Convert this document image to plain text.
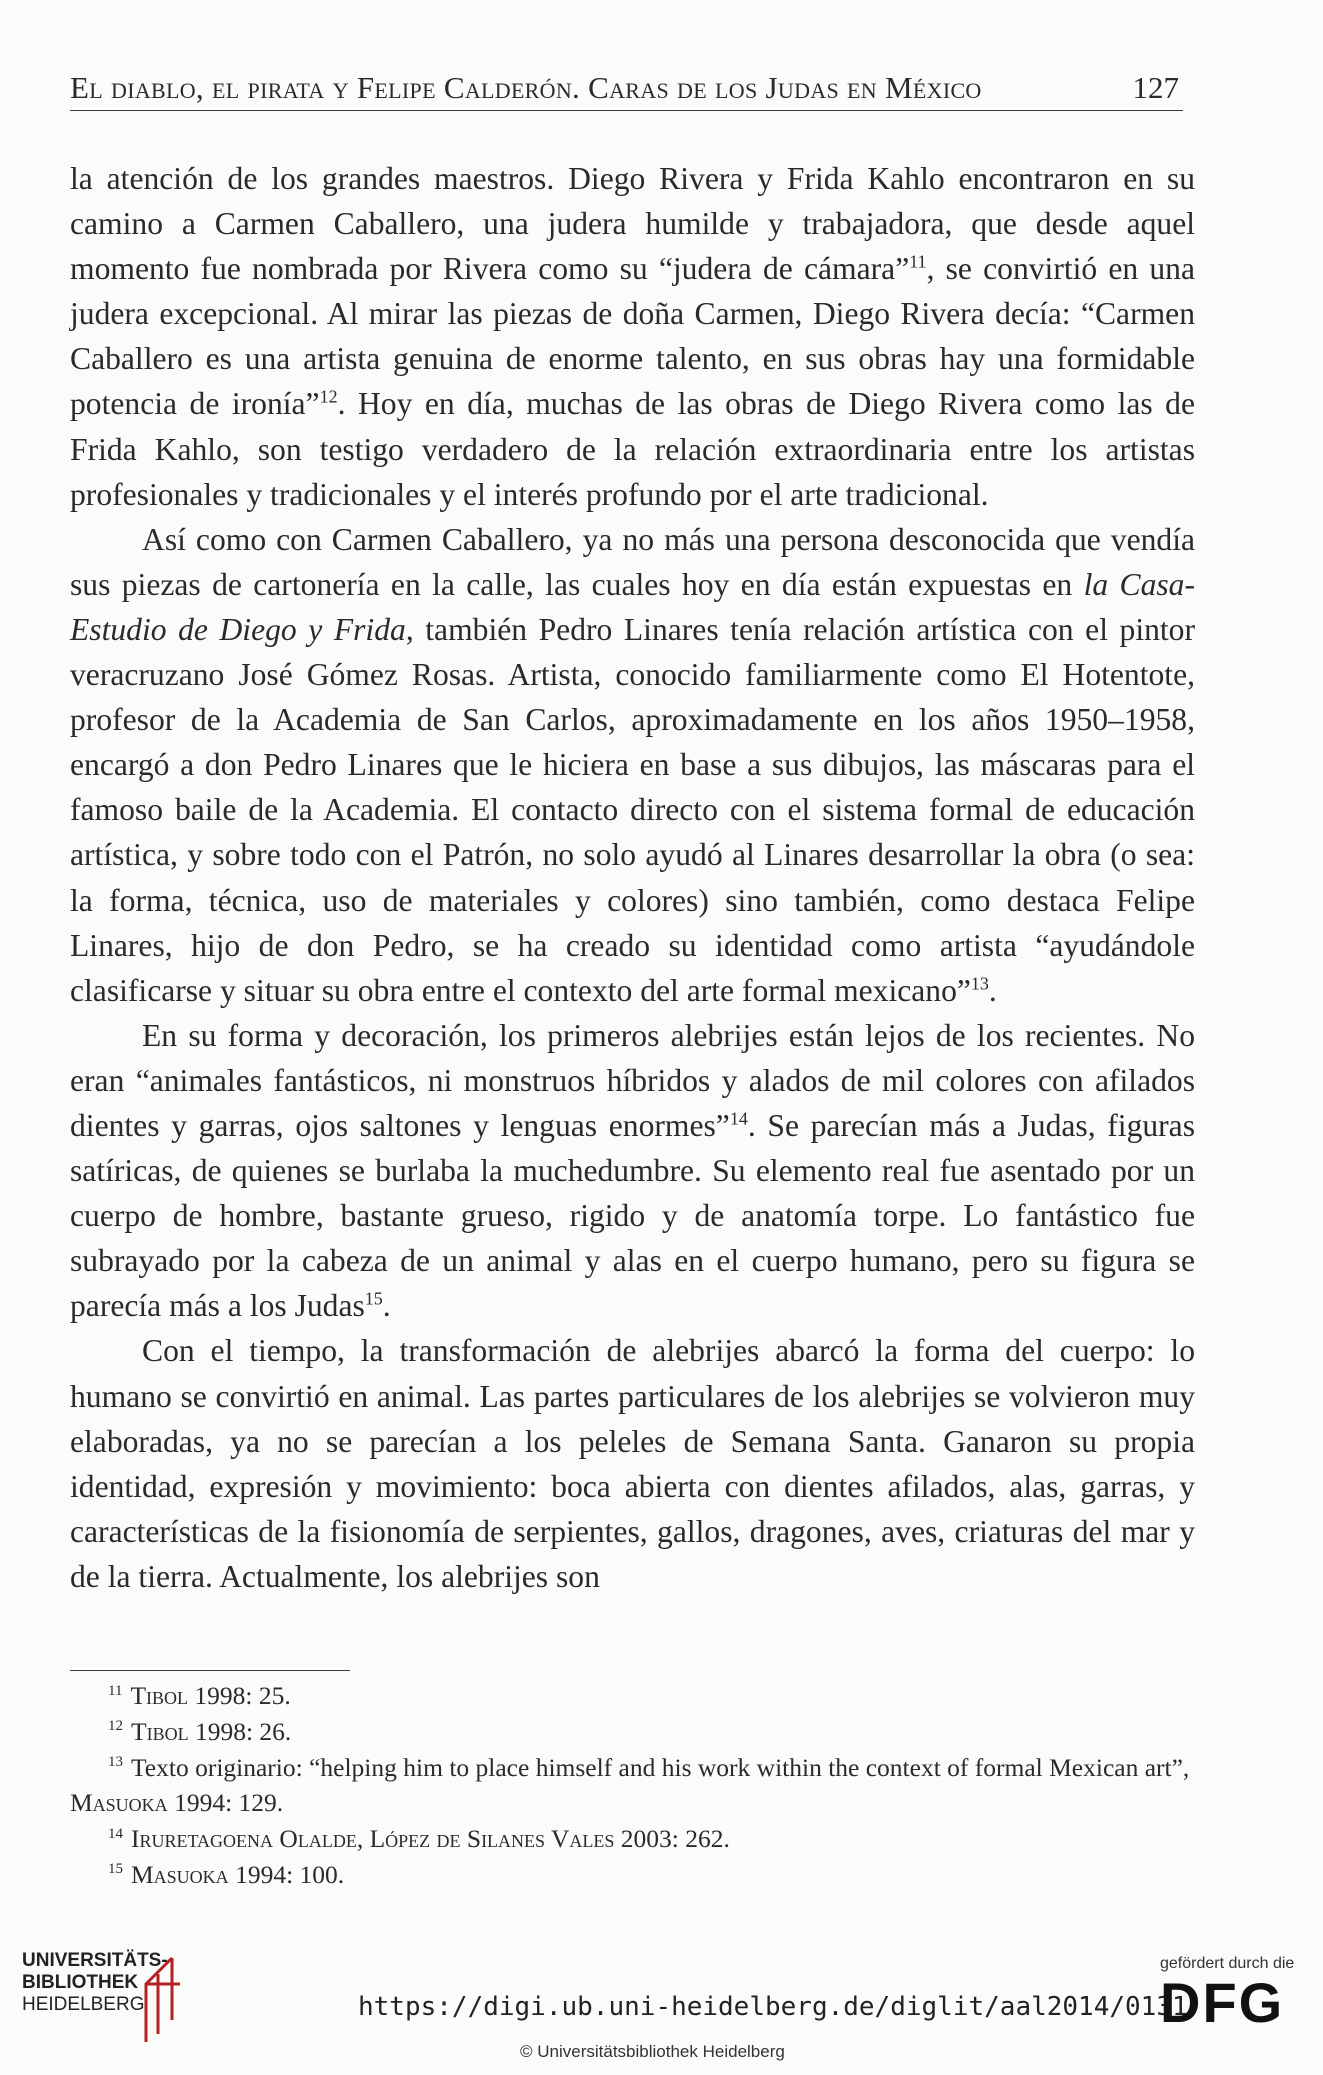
El diablo, el pirata y Felipe Calderón. Caras de los Judas en México	127

la atención de los grandes maestros. Diego Rivera y Frida Kahlo encontraron en su camino a Carmen Caballero, una judera humilde y trabajadora, que desde aquel momento fue nombrada por Rivera como su “judera de cámara”$^{11}$, se convirtió en una judera excepcional. Al mirar las piezas de doña Carmen, Diego Rivera decía: “Carmen Caballero es una artista genuina de enorme talento, en sus obras hay una formidable potencia de ironía”$^{12}$. Hoy en día, muchas de las obras de Diego Rivera como las de Frida Kahlo, son testigo verdadero de la relación extraordinaria entre los artistas profesionales y tradicionales y el interés profundo por el arte tradicional.

Así como con Carmen Caballero, ya no más una persona desconocida que vendía sus piezas de cartonería en la calle, las cuales hoy en día están expuestas en la Casa-Estudio de Diego y Frida, también Pedro Linares tenía relación artística con el pintor veracruzano José Gómez Rosas. Artista, conocido familiarmente como El Hotentote, profesor de la Academia de San Carlos, aproximadamente en los años 1950–1958, encargó a don Pedro Linares que le hiciera en base a sus dibujos, las máscaras para el famoso baile de la Academia. El contacto directo con el sistema formal de educación artística, y sobre todo con el Patrón, no solo ayudó al Linares desarrollar la obra (o sea: la forma, técnica, uso de materiales y colores) sino también, como destaca Felipe Linares, hijo de don Pedro, se ha creado su identidad como artista “ayudándole clasificarse y situar su obra entre el contexto del arte formal mexicano”$^{13}$.

En su forma y decoración, los primeros alebrijes están lejos de los recientes. No eran “animales fantásticos, ni monstruos híbridos y alados de mil colores con afilados dientes y garras, ojos saltones y lenguas enormes”$^{14}$. Se parecían más a Judas, figuras satíricas, de quienes se burlaba la muchedumbre. Su elemento real fue asentado por un cuerpo de hombre, bastante grueso, rigido y de anatomía torpe. Lo fantástico fue subrayado por la cabeza de un animal y alas en el cuerpo humano, pero su figura se parecía más a los Judas$^{15}$.

Con el tiempo, la transformación de alebrijes abarcó la forma del cuerpo: lo humano se convirtió en animal. Las partes particulares de los alebrijes se volvieron muy elaboradas, ya no se parecían a los peleles de Semana Santa. Ganaron su propia identidad, expresión y movimiento: boca abierta con dientes afilados, alas, garras, y características de la fisionomía de serpientes, gallos, dragones, aves, criaturas del mar y de la tierra. Actualmente, los alebrijes son

$^{11}$ Tibol 1998: 25.
$^{12}$ Tibol 1998: 26.
$^{13}$ Texto originario: “helping him to place himself and his work within the context of formal Mexican art”, Masuoka 1994: 129.
$^{14}$ Iruretagoena Olalde, López de Silanes Vales 2003: 262.
$^{15}$ Masuoka 1994: 100.
UNIVERSITÄTS-
BIBLIOTHEK
HEIDELBERG	https://digi.ub.uni-heidelberg.de/diglit/aal2014/0131
© Universitätsbibliothek Heidelberg
gefördert durch die
DFG
